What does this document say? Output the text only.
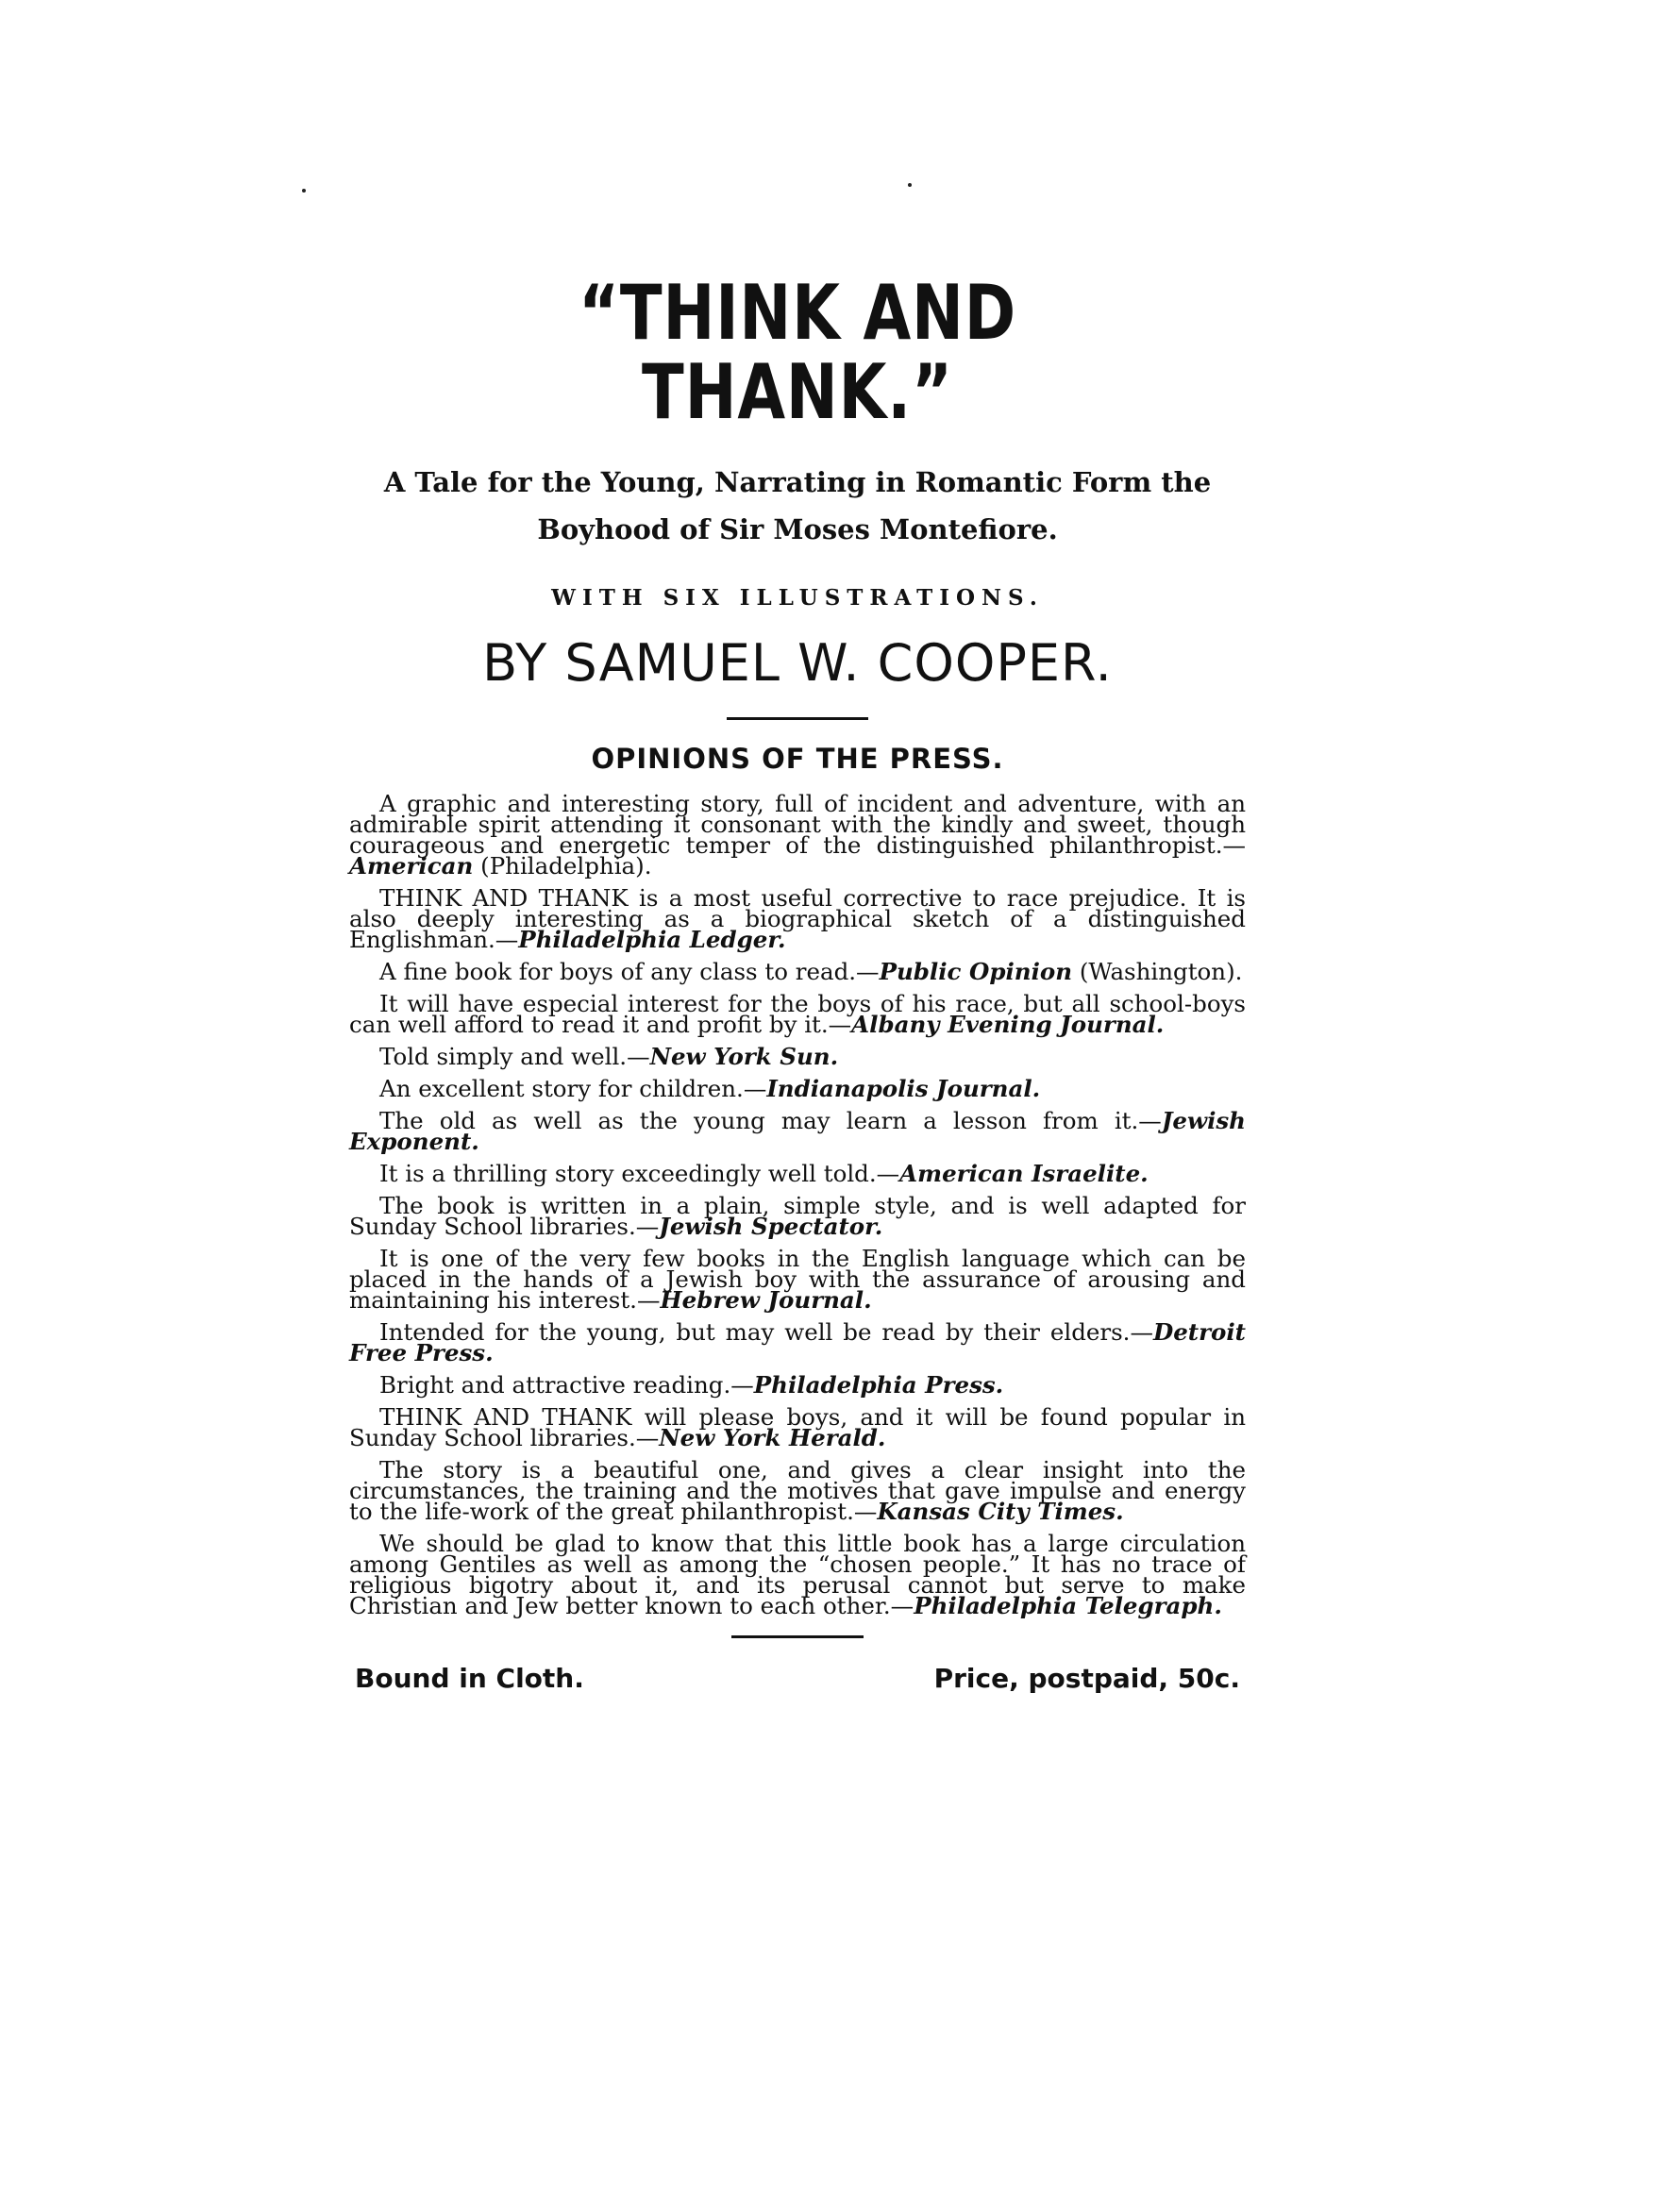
“THINK AND THANK.”
A Tale for the Young, Narrating in Romantic Form the
Boyhood of Sir Moses Montefiore.
WITH SIX ILLUSTRATIONS.
BY SAMUEL W. COOPER.
OPINIONS OF THE PRESS.
A graphic and interesting story, full of incident and adventure, with an admirable spirit attending it consonant with the kindly and sweet, though courageous and energetic temper of the distinguished philanthropist.—American (Philadelphia).
THINK AND THANK is a most useful corrective to race prejudice. It is also deeply interesting as a biographical sketch of a distinguished Englishman.—Philadelphia Ledger.
A fine book for boys of any class to read.—Public Opinion (Washington).
It will have especial interest for the boys of his race, but all school-boys can well afford to read it and profit by it.—Albany Evening Journal.
Told simply and well.—New York Sun.
An excellent story for children.—Indianapolis Journal.
The old as well as the young may learn a lesson from it.—Jewish Exponent.
It is a thrilling story exceedingly well told.—American Israelite.
The book is written in a plain, simple style, and is well adapted for Sunday School libraries.—Jewish Spectator.
It is one of the very few books in the English language which can be placed in the hands of a Jewish boy with the assurance of arousing and maintaining his interest.—Hebrew Journal.
Intended for the young, but may well be read by their elders.—Detroit Free Press.
Bright and attractive reading.—Philadelphia Press.
THINK AND THANK will please boys, and it will be found popular in Sunday School libraries.—New York Herald.
The story is a beautiful one, and gives a clear insight into the circumstances, the training and the motives that gave impulse and energy to the life-work of the great philanthropist.—Kansas City Times.
We should be glad to know that this little book has a large circulation among Gentiles as well as among the “chosen people.” It has no trace of religious bigotry about it, and its perusal cannot but serve to make Christian and Jew better known to each other.—Philadelphia Telegraph.
Bound in Cloth.	Price, postpaid, 50c.
